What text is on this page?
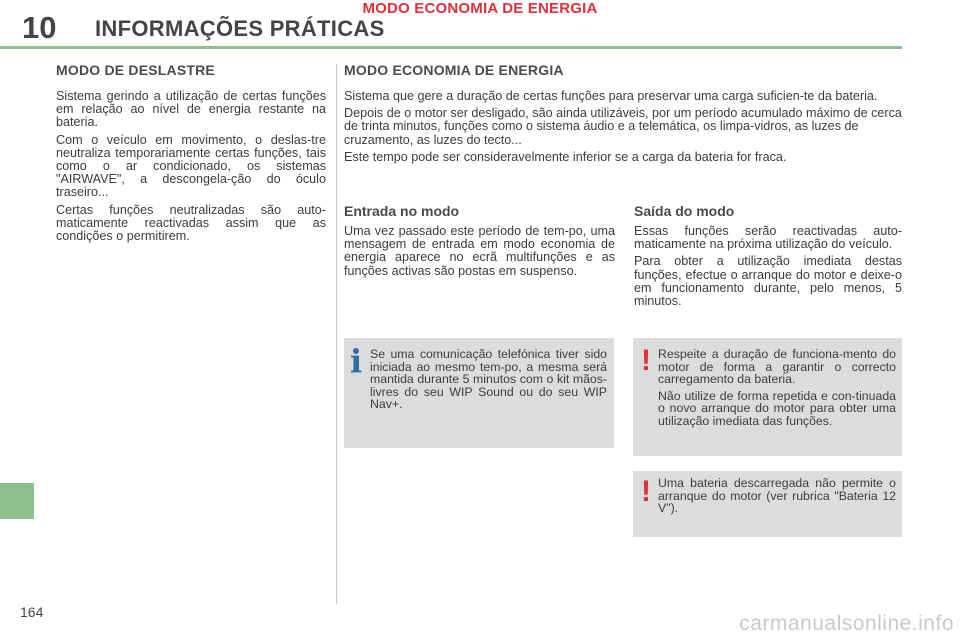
MODO ECONOMIA DE ENERGIA
10 INFORMAÇÕES PRÁTICAS
MODO DE DESLASTRE

Sistema gerindo a utilização de certas funções em relação ao nível de energia restante na bateria.

Com o veículo em movimento, o deslas-tre neutraliza temporariamente certas funções, tais como o ar condicionado, os sistemas "AIRWAVE", a descongela-ção do óculo traseiro...

Certas funções neutralizadas são auto-maticamente reactivadas assim que as condições o permitirem.

MODO ECONOMIA DE ENERGIA

Sistema que gere a duração de certas funções para preservar uma carga suficien-te da bateria.

Depois de o motor ser desligado, são ainda utilizáveis, por um período acumulado máximo de cerca de trinta minutos, funções como o sistema áudio e a telemática, os limpa-vidros, as luzes de cruzamento, as luzes do tecto...

Este tempo pode ser consideravelmente inferior se a carga da bateria for fraca.

Entrada no modo

Uma vez passado este período de tem-po, uma mensagem de entrada em modo economia de energia aparece no ecrã multifunções e as funções activas são postas em suspenso.

Saída do modo

Essas funções serão reactivadas auto-maticamente na próxima utilização do veículo.

Para obter a utilização imediata destas funções, efectue o arranque do motor e deixe-o em funcionamento durante, pelo menos, 5 minutos.

i Se uma comunicação telefónica tiver sido iniciada ao mesmo tem-po, a mesma será mantida durante 5 minutos com o kit mãos-livres do seu WIP Sound ou do seu WIP Nav+.

! Respeite a duração de funciona-mento do motor de forma a garantir o correcto carregamento da bateria.

Não utilize de forma repetida e con-tinuada o novo arranque do motor para obter uma utilização imediata das funções.

! Uma bateria descarregada não permite o arranque do motor (ver rubrica "Bateria 12 V").

164	carmanualsonline.info
